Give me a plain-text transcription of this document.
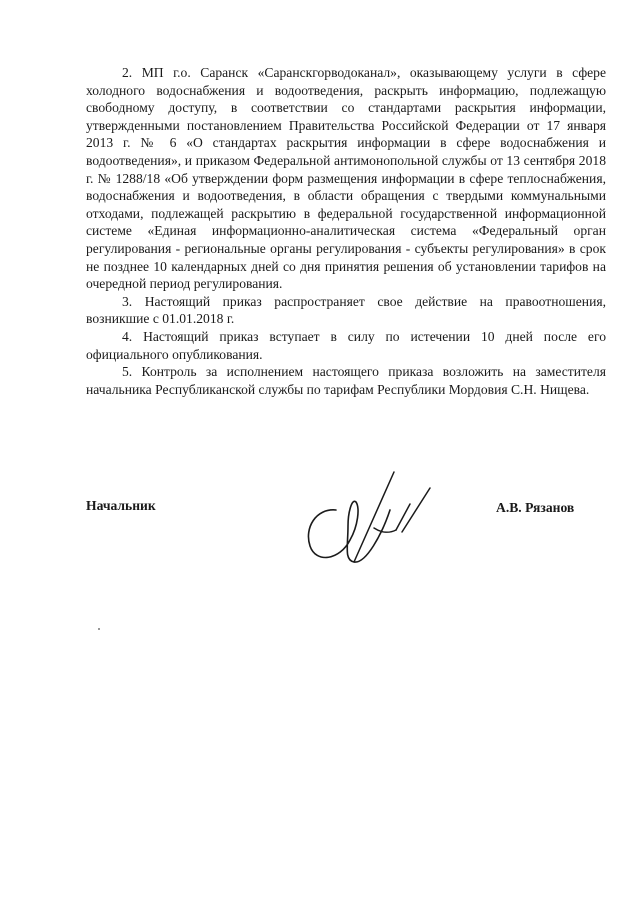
2. МП г.о. Саранск «Саранскгорводоканал», оказывающему услуги в сфере холодного водоснабжения и водоотведения, раскрыть информацию, подлежащую свободному доступу, в соответствии со стандартами раскрытия информации, утвержденными постановлением Правительства Российской Федерации от 17 января 2013 г. № 6 «О стандартах раскрытия информации в сфере водоснабжения и водоотведения», и приказом Федеральной антимонопольной службы от 13 сентября 2018 г. № 1288/18 «Об утверждении форм размещения информации в сфере теплоснабжения, водоснабжения и водоотведения, в области обращения с твердыми коммунальными отходами, подлежащей раскрытию в федеральной государственной информационной системе «Единая информационно-аналитическая система «Федеральный орган регулирования - региональные органы регулирования - субъекты регулирования» в срок не позднее 10 календарных дней со дня принятия решения об установлении тарифов на очередной период регулирования.

3. Настоящий приказ распространяет свое действие на правоотношения, возникшие с 01.01.2018 г.

4. Настоящий приказ вступает в силу по истечении 10 дней после его официального опубликования.

5. Контроль за исполнением настоящего приказа возложить на заместителя начальника Республиканской службы по тарифам Республики Мордовия С.Н. Нищева.

Начальник	А.В. Рязанов
